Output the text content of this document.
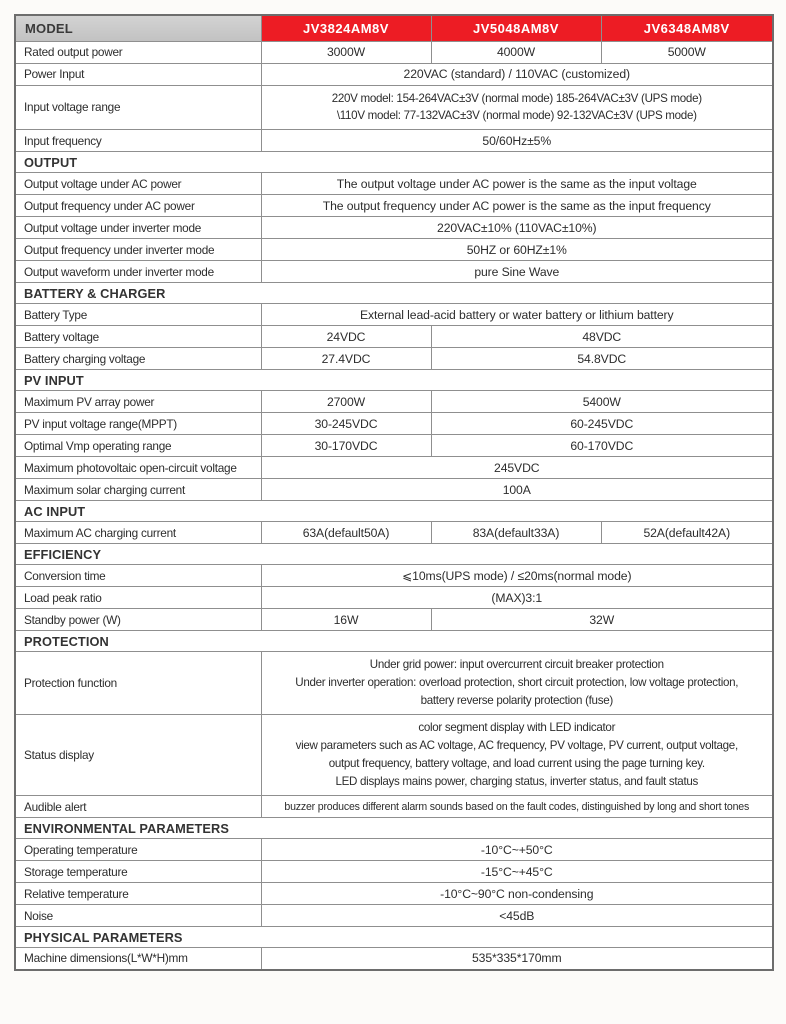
MODEL	JV3824AM8V	JV5048AM8V	JV6348AM8V
Rated output power	3000W	4000W	5000W
Power Input	220VAC (standard) / 110VAC (customized)		
Input voltage range	220V model: 154-264VAC±3V (normal mode) 185-264VAC±3V (UPS mode)
\110V model: 77-132VAC±3V (normal mode) 92-132VAC±3V (UPS mode)		
Input frequency	50/60Hz±5%		
OUTPUT			
Output voltage under AC power	The output voltage under AC power is the same as the input voltage		
Output frequency under AC power	The output frequency under AC power is the same as the input frequency		
Output voltage under inverter mode	220VAC±10% (110VAC±10%)		
Output frequency under inverter mode	50HZ or 60HZ±1%		
Output waveform under inverter mode	pure Sine Wave		
BATTERY & CHARGER			
Battery Type	External lead-acid battery or water battery or lithium battery		
Battery voltage	24VDC	48VDC	
Battery charging voltage	27.4VDC	54.8VDC	
PV INPUT			
Maximum PV array power	2700W	5400W	
PV input voltage range(MPPT)	30-245VDC	60-245VDC	
Optimal Vmp operating range	30-170VDC	60-170VDC	
Maximum photovoltaic open-circuit voltage	245VDC		
Maximum solar charging current	100A		
AC INPUT			
Maximum AC charging current	63A(default50A)	83A(default33A)	52A(default42A)
EFFICIENCY			
Conversion time	⩽10ms(UPS mode) / ≤20ms(normal mode)		
Load peak ratio	(MAX)3:1		
Standby power (W)	16W	32W	
PROTECTION			
Protection function	Under grid power: input overcurrent circuit breaker protection
Under inverter operation: overload protection, short circuit protection, low voltage protection,
battery reverse polarity protection (fuse)		
Status display	color segment display with LED indicator
view parameters such as AC voltage, AC frequency, PV voltage, PV current, output voltage,
output frequency, battery voltage, and load current using the page turning key.
LED displays mains power, charging status, inverter status, and fault status		
Audible alert	buzzer produces different alarm sounds based on the fault codes, distinguished by long and short tones		
ENVIRONMENTAL PARAMETERS			
Operating temperature	-10°C~+50°C		
Storage temperature	-15°C~+45°C		
Relative temperature	-10°C~90°C non-condensing		
Noise	<45dB		
PHYSICAL PARAMETERS			
Machine dimensions(L*W*H)mm	535*335*170mm		
